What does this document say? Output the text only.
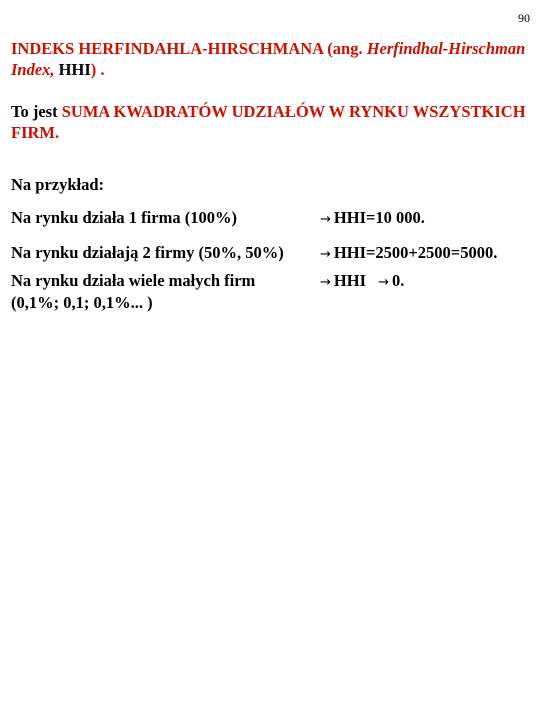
90
INDEKS HERFINDAHLA-HIRSCHMANA (ang. Herfindhal-Hirschman Index, HHI) .
To jest SUMA KWADRATÓW UDZIAŁÓW W RYNKU WSZYSTKICH FIRM.
Na przykład:
Na rynku działa 1 firma (100%)	→ HHI=10 000.
Na rynku działają 2 firmy (50%, 50%)	→ HHI=2500+2500=5000.
Na rynku działa wiele małych firm	→ HHI → 0.
(0,1%; 0,1; 0,1%... )
